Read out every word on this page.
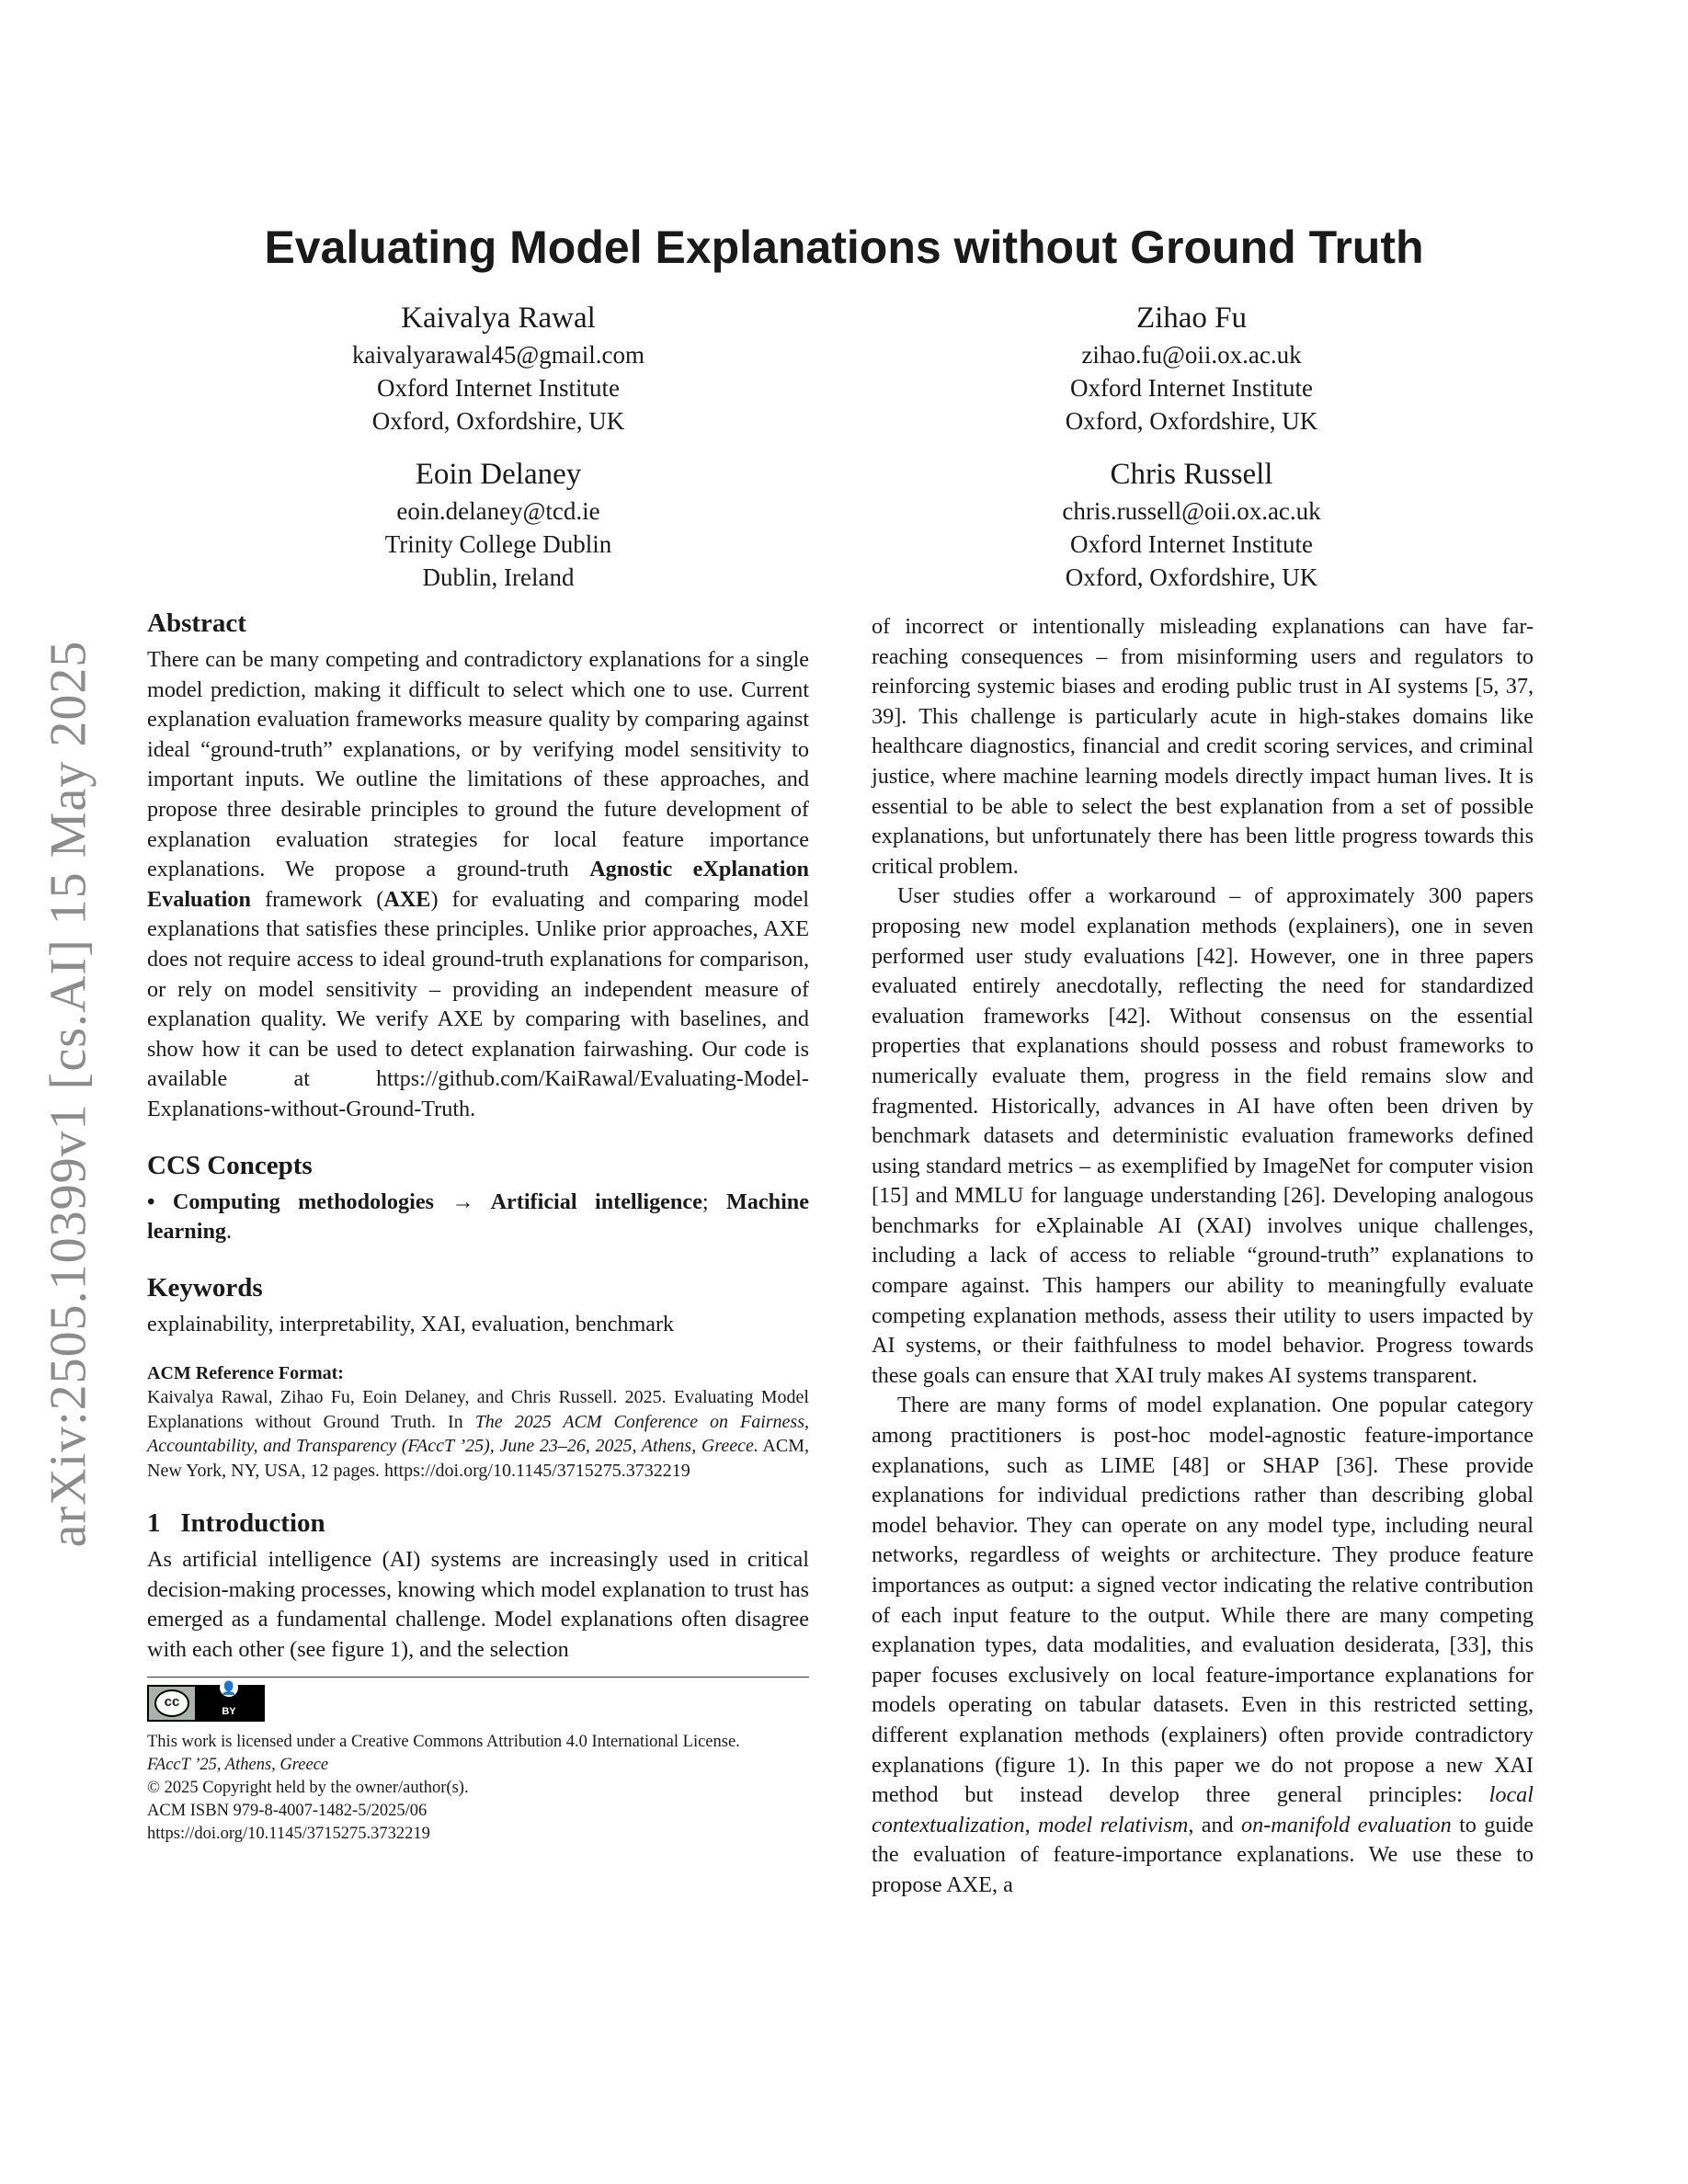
arXiv:2505.10399v1 [cs.AI] 15 May 2025
Evaluating Model Explanations without Ground Truth
Kaivalya Rawal
kaivalyarawal45@gmail.com
Oxford Internet Institute
Oxford, Oxfordshire, UK
Zihao Fu
zihao.fu@oii.ox.ac.uk
Oxford Internet Institute
Oxford, Oxfordshire, UK
Eoin Delaney
eoin.delaney@tcd.ie
Trinity College Dublin
Dublin, Ireland
Chris Russell
chris.russell@oii.ox.ac.uk
Oxford Internet Institute
Oxford, Oxfordshire, UK
Abstract

There can be many competing and contradictory explanations for a single model prediction, making it difficult to select which one to use. Current explanation evaluation frameworks measure quality by comparing against ideal “ground-truth” explanations, or by verifying model sensitivity to important inputs. We outline the limitations of these approaches, and propose three desirable principles to ground the future development of explanation evaluation strategies for local feature importance explanations. We propose a ground-truth Agnostic eXplanation Evaluation framework (AXE) for evaluating and comparing model explanations that satisfies these principles. Unlike prior approaches, AXE does not require access to ideal ground-truth explanations for comparison, or rely on model sensitivity – providing an independent measure of explanation quality. We verify AXE by comparing with baselines, and show how it can be used to detect explanation fairwashing. Our code is available at https://github.com/KaiRawal/Evaluating-Model-Explanations-without-Ground-Truth.

CCS Concepts

• Computing methodologies → Artificial intelligence; Machine learning.

Keywords

explainability, interpretability, XAI, evaluation, benchmark

ACM Reference Format:

Kaivalya Rawal, Zihao Fu, Eoin Delaney, and Chris Russell. 2025. Evaluating Model Explanations without Ground Truth. In The 2025 ACM Conference on Fairness, Accountability, and Transparency (FAccT ’25), June 23–26, 2025, Athens, Greece. ACM, New York, NY, USA, 12 pages. https://doi.org/10.1145/3715275.3732219

1 Introduction

As artificial intelligence (AI) systems are increasingly used in critical decision-making processes, knowing which model explanation to trust has emerged as a fundamental challenge. Model explanations often disagree with each other (see figure 1), and the selection

cc
👤
BY
This work is licensed under a Creative Commons Attribution 4.0 International License.
FAccT ’25, Athens, Greece
© 2025 Copyright held by the owner/author(s).
ACM ISBN 979-8-4007-1482-5/2025/06
https://doi.org/10.1145/3715275.3732219

of incorrect or intentionally misleading explanations can have far-reaching consequences – from misinforming users and regulators to reinforcing systemic biases and eroding public trust in AI systems [5, 37, 39]. This challenge is particularly acute in high-stakes domains like healthcare diagnostics, financial and credit scoring services, and criminal justice, where machine learning models directly impact human lives. It is essential to be able to select the best explanation from a set of possible explanations, but unfortunately there has been little progress towards this critical problem.

User studies offer a workaround – of approximately 300 papers proposing new model explanation methods (explainers), one in seven performed user study evaluations [42]. However, one in three papers evaluated entirely anecdotally, reflecting the need for standardized evaluation frameworks [42]. Without consensus on the essential properties that explanations should possess and robust frameworks to numerically evaluate them, progress in the field remains slow and fragmented. Historically, advances in AI have often been driven by benchmark datasets and deterministic evaluation frameworks defined using standard metrics – as exemplified by ImageNet for computer vision [15] and MMLU for language understanding [26]. Developing analogous benchmarks for eXplainable AI (XAI) involves unique challenges, including a lack of access to reliable “ground-truth” explanations to compare against. This hampers our ability to meaningfully evaluate competing explanation methods, assess their utility to users impacted by AI systems, or their faithfulness to model behavior. Progress towards these goals can ensure that XAI truly makes AI systems transparent.

There are many forms of model explanation. One popular category among practitioners is post-hoc model-agnostic feature-importance explanations, such as LIME [48] or SHAP [36]. These provide explanations for individual predictions rather than describing global model behavior. They can operate on any model type, including neural networks, regardless of weights or architecture. They produce feature importances as output: a signed vector indicating the relative contribution of each input feature to the output. While there are many competing explanation types, data modalities, and evaluation desiderata, [33], this paper focuses exclusively on local feature-importance explanations for models operating on tabular datasets. Even in this restricted setting, different explanation methods (explainers) often provide contradictory explanations (figure 1). In this paper we do not propose a new XAI method but instead develop three general principles: local contextualization, model relativism, and on-manifold evaluation to guide the evaluation of feature-importance explanations. We use these to propose AXE, a
